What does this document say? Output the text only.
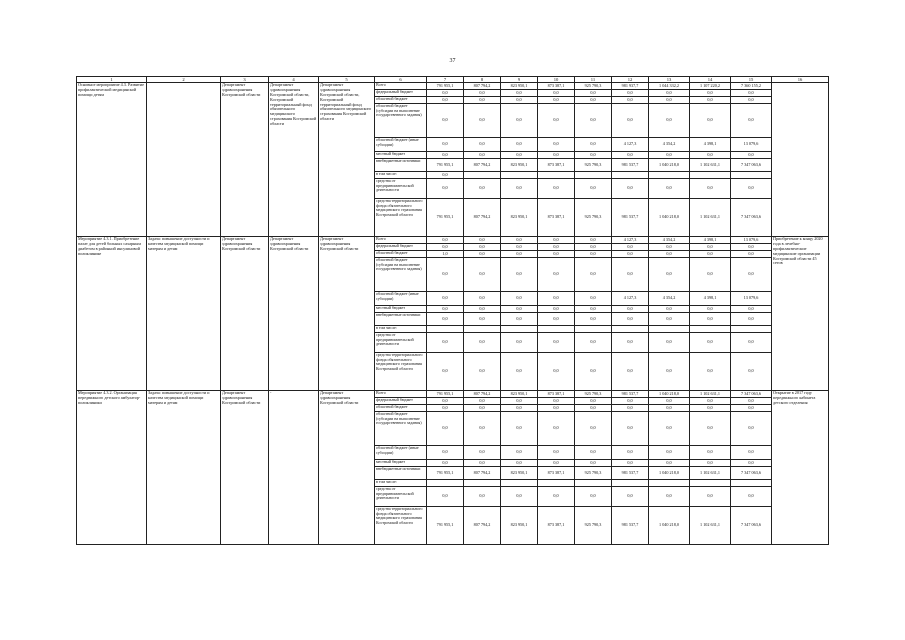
37
1	2	3	4	5	6	7	8	9	10	11	12	13	14	15	16
Основное мероприятие 4.3. Развитие профилактической медицинской помощи детям		Департамент здравоохранения Костромской области	Департамент здравоохранения Костромской области, Костромской территориальный фонд обязательного медицинского страхования Костромской области	Департамент здравоохранения Костромской области, Костромской территориальный фонд обязательного медицинского страхования Костромской области	Всего	791 955,1	807 794,2	823 950,1	873 387,1	925 790,3	981 937,7	1 044 332,2	1 107 220,2	7 360 155,2	
					федеральный бюджет	0,0	0,0	0,0	0,0	0,0	0,0	0,0	0,0	0,0	
					областной бюджет	0,0	0,0	0,0	0,0	0,0	0,0	0,0	0,0	0,0	
					областной бюджет (субсидии на выполнение государственного задания)	0,0	0,0	0,0	0,0	0,0	0,0	0,0	0,0	0,0	
					областной бюджет (иные субсидии)	0,0	0,0	0,0	0,0	0,0	4 127,3	4 354,2	4 398,1	13 079,6	
					местный бюджет	0,0	0,0	0,0	0,0	0,0	0,0	0,0	0,0	0,0	
					внебюджетные источники	791 955,1	807 794,2	823 950,1	873 387,1	925 790,3	981 537,7	1 040 218,0	1 102 631,1	7 347 063,6	
					в том числе:	0,0									
					средства от предпринимательской деятельности	0,0	0,0	0,0	0,0	0,0	0,0	0,0	0,0	0,0	
					средства территориального фонда обязательного медицинского страхования Костромской области	791 955,1	807 794,2	823 950,1	873 387,1	925 790,3	981 537,7	1 040 218,0	1 102 631,1	7 347 063,6	
Мероприятие 4.3.1. Приобретение палат для детей больных сахарным диабетом в районной инсулиновой поликлинике	Задача: повышение доступности и качества медицинской помощи матерям и детям	Департамент здравоохранения Костромской области	Департамент здравоохранения Костромской области	Департамент здравоохранения Костромской области	Всего	0,0	0,0	0,0	0,0	0,0	4 127,3	4 354,2	4 398,1	13 079,6	Приобретение к концу 2020 года в лечебно-профилактические медицинские организации Костромской области 45 сетов
					федеральный бюджет	0,0	0,0	0,0	0,0	0,0	0,0	0,0	0,0	0,0	
					областной бюджет	1,0	0,0	0,0	0,0	0,0	0,0	0,0	0,0	0,0	
					областной бюджет (субсидии на выполнение государственного задания)	0,0	0,0	0,0	0,0	0,0	0,0	0,0	0,0	0,0	
					областной бюджет (иные субсидии)	0,0	0,0	0,0	0,0	0,0	4 127,3	4 354,2	4 398,1	13 079,6	
					местный бюджет	0,0	0,0	0,0	0,0	0,0	0,0	0,0	0,0	0,0	
					внебюджетные источники	0,0	0,0	0,0	0,0	0,0	0,0	0,0	0,0	0,0	
					в том числе:										
					средства от предпринимательской деятельности	0,0	0,0	0,0	0,0	0,0	0,0	0,0	0,0	0,0	
					средства территориального фонда обязательного медицинского страхования Костромской области	0,0	0,0	0,0	0,0	0,0	0,0	0,0	0,0	0,0	
Мероприятие 4.3.2. Организация передвижного детского амбулатор-поликлиники	Задача: повышение доступности и качества медицинской помощи матерям и детям	Департамент здравоохранения Костромской области	-	Департамент здравоохранения Костромской области	Всего	791 955,1	807 794,2	823 950,1	873 387,1	925 790,3	981 537,7	1 040 218,0	1 102 631,1	7 347 063,6	Открытие в 2017 году передвижного кабинета детского отделения
					федеральный бюджет	0,0	0,0	0,0	0,0	0,0	0,0	0,0	0,0	0,0	
					областной бюджет	0,0	0,0	0,0	0,0	0,0	0,0	0,0	0,0	0,0	
					областной бюджет (субсидии на выполнение государственного задания)	0,0	0,0	0,0	0,0	0,0	0,0	0,0	0,0	0,0	
					областной бюджет (иные субсидии)	0,0	0,0	0,0	0,0	0,0	0,0	0,0	0,0	0,0	
					местный бюджет	0,0	0,0	0,0	0,0	0,0	0,0	0,0	0,0	0,0	
					внебюджетные источники	791 955,1	807 794,2	823 950,1	873 387,1	925 790,3	981 537,7	1 040 218,0	1 102 631,1	7 347 063,6	
					в том числе:										
					средства от предпринимательской деятельности	0,0	0,0	0,0	0,0	0,0	0,0	0,0	0,0	0,0	
					средства территориального фонда обязательного медицинского страхования Костромской области	791 955,1	807 794,2	823 950,1	873 387,1	925 790,3	981 537,7	1 040 218,0	1 102 631,1	7 347 063,6	
